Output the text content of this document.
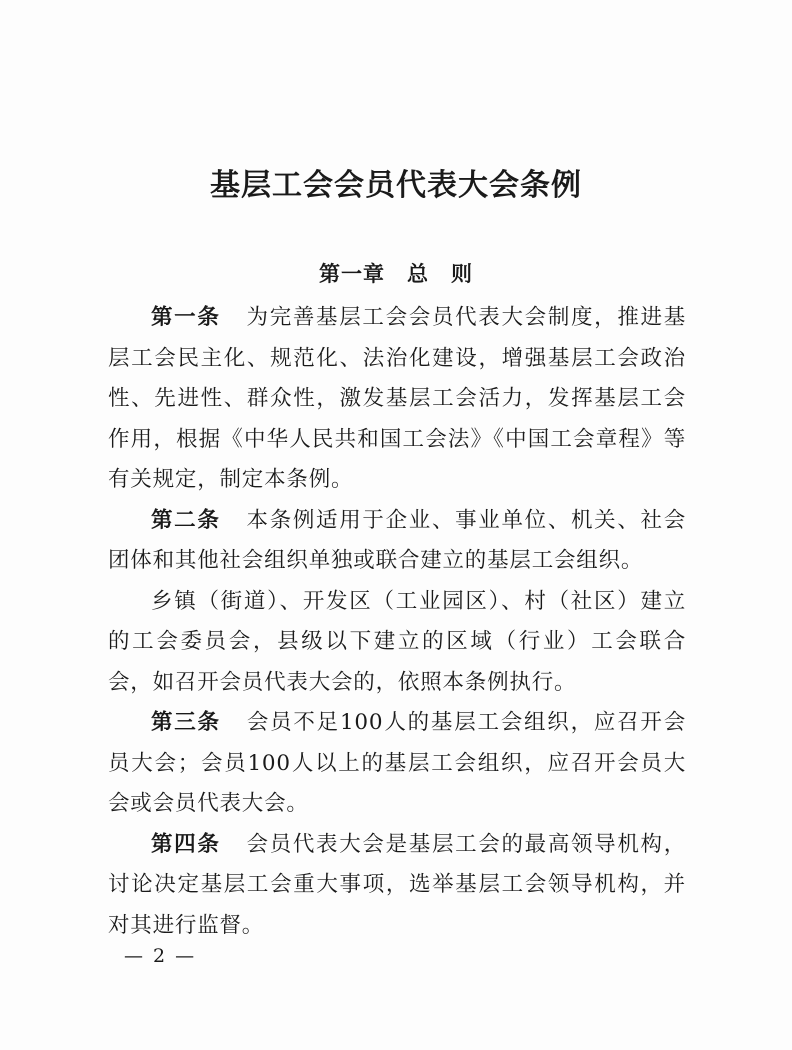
基层工会会员代表大会条例
第一章　总　则

第一条 为完善基层工会会员代表大会制度，推进基层工会民主化、规范化、法治化建设，增强基层工会政治性、先进性、群众性，激发基层工会活力，发挥基层工会作用，根据《中华人民共和国工会法》《中国工会章程》等有关规定，制定本条例。

第二条 本条例适用于企业、事业单位、机关、社会团体和其他社会组织单独或联合建立的基层工会组织。

乡镇（街道）、开发区（工业园区）、村（社区）建立的工会委员会，县级以下建立的区域（行业）工会联合会，如召开会员代表大会的，依照本条例执行。

第三条 会员不足100人的基层工会组织，应召开会员大会；会员100人以上的基层工会组织，应召开会员大会或会员代表大会。

第四条 会员代表大会是基层工会的最高领导机构，讨论决定基层工会重大事项，选举基层工会领导机构，并对其进行监督。

— 2 —
